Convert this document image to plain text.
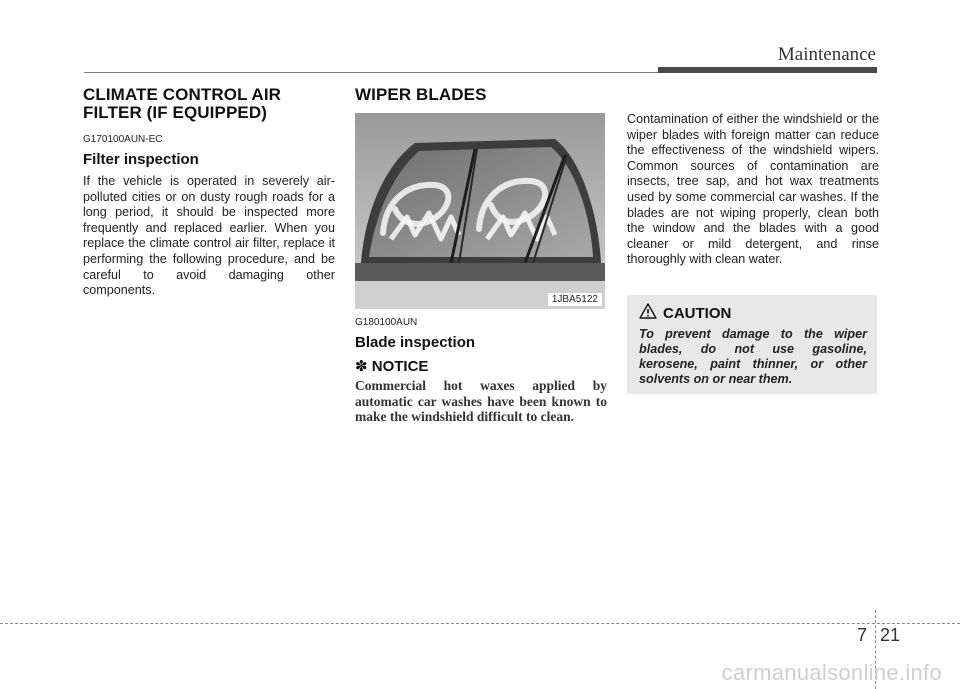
Maintenance
CLIMATE CONTROL AIR FILTER (IF EQUIPPED)
G170100AUN-EC
Filter inspection

If the vehicle is operated in severely air-polluted cities or on dusty rough roads for a long period, it should be inspected more frequently and replaced earlier. When you replace the climate control air filter, replace it performing the following procedure, and be careful to avoid damaging other components.

WIPER BLADES
1JBA5122
G180100AUN
Blade inspection
✽ NOTICE

Commercial hot waxes applied by automatic car washes have been known to make the windshield difficult to clean.

Contamination of either the windshield or the wiper blades with foreign matter can reduce the effectiveness of the windshield wipers. Common sources of contamination are insects, tree sap, and hot wax treatments used by some commercial car washes. If the blades are not wiping properly, clean both the window and the blades with a good cleaner or mild detergent, and rinse thoroughly with clean water.

CAUTION

To prevent damage to the wiper blades, do not use gasoline, kerosene, paint thinner, or other solvents on or near them.

7 21
carmanualsonline.info
